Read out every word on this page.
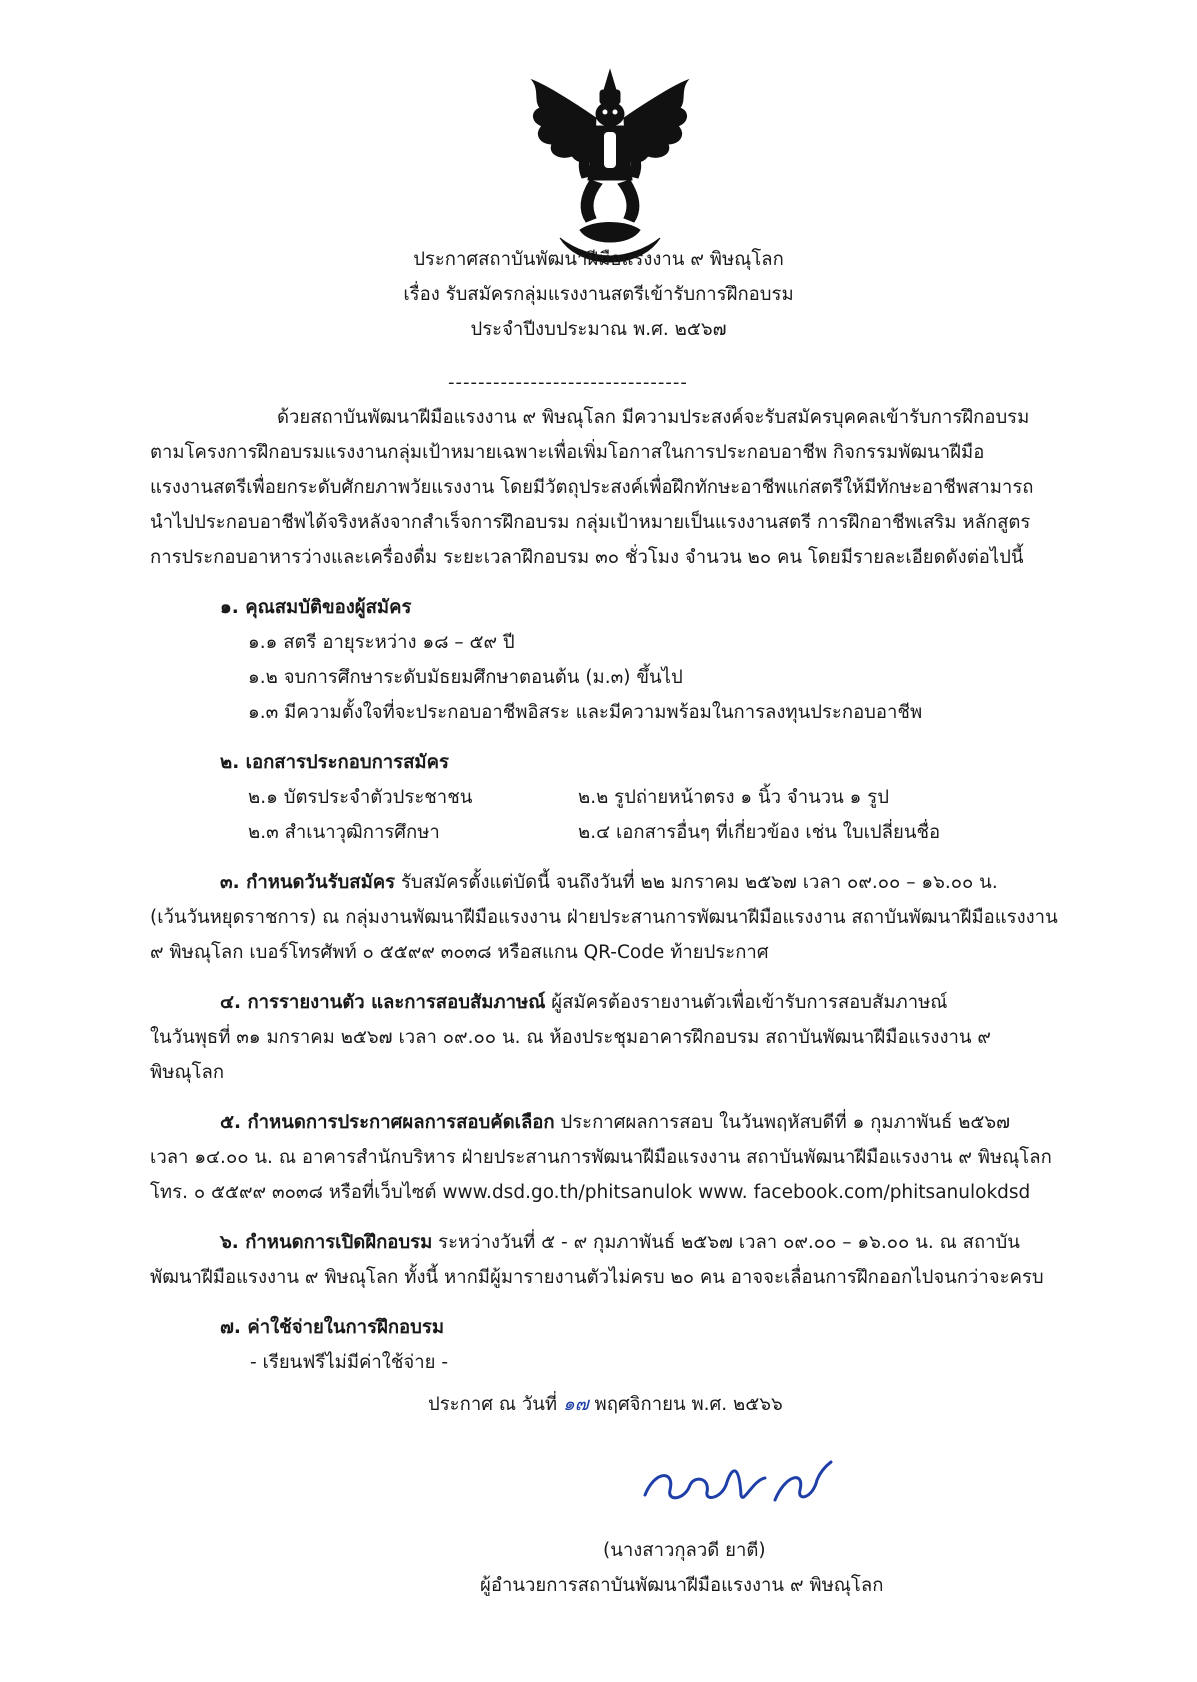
ประกาศสถาบันพัฒนาฝีมือแรงงาน ๙ พิษณุโลก
เรื่อง รับสมัครกลุ่มแรงงานสตรีเข้ารับการฝึกอบรม
ประจำปีงบประมาณ พ.ศ. ๒๕๖๗
--------------------------------
ด้วยสถาบันพัฒนาฝีมือแรงงาน ๙ พิษณุโลก มีความประสงค์จะรับสมัครบุคคลเข้ารับการฝึกอบรม
ตามโครงการฝึกอบรมแรงงานกลุ่มเป้าหมายเฉพาะเพื่อเพิ่มโอกาสในการประกอบอาชีพ กิจกรรมพัฒนาฝีมือ
แรงงานสตรีเพื่อยกระดับศักยภาพวัยแรงงาน โดยมีวัตถุประสงค์เพื่อฝึกทักษะอาชีพแก่สตรีให้มีทักษะอาชีพสามารถ
นำไปประกอบอาชีพได้จริงหลังจากสำเร็จการฝึกอบรม กลุ่มเป้าหมายเป็นแรงงานสตรี การฝึกอาชีพเสริม หลักสูตร
การประกอบอาหารว่างและเครื่องดื่ม ระยะเวลาฝึกอบรม ๓๐ ชั่วโมง จำนวน ๒๐ คน โดยมีรายละเอียดดังต่อไปนี้
๑. คุณสมบัติของผู้สมัคร
๑.๑ สตรี อายุระหว่าง ๑๘ – ๕๙ ปี
๑.๒ จบการศึกษาระดับมัธยมศึกษาตอนต้น (ม.๓) ขึ้นไป
๑.๓ มีความตั้งใจที่จะประกอบอาชีพอิสระ และมีความพร้อมในการลงทุนประกอบอาชีพ
๒. เอกสารประกอบการสมัคร
๒.๑ บัตรประจำตัวประชาชน	๒.๒ รูปถ่ายหน้าตรง ๑ นิ้ว จำนวน ๑ รูป
๒.๓ สำเนาวุฒิการศึกษา	๒.๔ เอกสารอื่นๆ ที่เกี่ยวข้อง เช่น ใบเปลี่ยนชื่อ
๓. กำหนดวันรับสมัคร รับสมัครตั้งแต่บัดนี้ จนถึงวันที่ ๒๒ มกราคม ๒๕๖๗ เวลา ๐๙.๐๐ – ๑๖.๐๐ น.
(เว้นวันหยุดราชการ) ณ กลุ่มงานพัฒนาฝีมือแรงงาน ฝ่ายประสานการพัฒนาฝีมือแรงงาน สถาบันพัฒนาฝีมือแรงงาน
๙ พิษณุโลก เบอร์โทรศัพท์ ๐ ๕๕๙๙ ๓๐๓๘ หรือสแกน QR-Code ท้ายประกาศ
๔. การรายงานตัว และการสอบสัมภาษณ์ ผู้สมัครต้องรายงานตัวเพื่อเข้ารับการสอบสัมภาษณ์
ในวันพุธที่ ๓๑ มกราคม ๒๕๖๗ เวลา ๐๙.๐๐ น. ณ ห้องประชุมอาคารฝึกอบรม สถาบันพัฒนาฝีมือแรงงาน ๙
พิษณุโลก
๕. กำหนดการประกาศผลการสอบคัดเลือก ประกาศผลการสอบ ในวันพฤหัสบดีที่ ๑ กุมภาพันธ์ ๒๕๖๗
เวลา ๑๔.๐๐ น. ณ อาคารสำนักบริหาร ฝ่ายประสานการพัฒนาฝีมือแรงงาน สถาบันพัฒนาฝีมือแรงงาน ๙ พิษณุโลก
โทร. ๐ ๕๕๙๙ ๓๐๓๘ หรือที่เว็บไซต์ www.dsd.go.th/phitsanulok www. facebook.com/phitsanulokdsd
๖. กำหนดการเปิดฝึกอบรม ระหว่างวันที่ ๕ - ๙ กุมภาพันธ์ ๒๕๖๗ เวลา ๐๙.๐๐ – ๑๖.๐๐ น. ณ สถาบัน
พัฒนาฝีมือแรงงาน ๙ พิษณุโลก ทั้งนี้ หากมีผู้มารายงานตัวไม่ครบ ๒๐ คน อาจจะเลื่อนการฝึกออกไปจนกว่าจะครบ
๗. ค่าใช้จ่ายในการฝึกอบรม
- เรียนฟรีไม่มีค่าใช้จ่าย -
ประกาศ ณ วันที่ ๑๗ พฤศจิกายน พ.ศ. ๒๕๖๖
(นางสาวกุลวดี ยาตี)
ผู้อำนวยการสถาบันพัฒนาฝีมือแรงงาน ๙ พิษณุโลก
